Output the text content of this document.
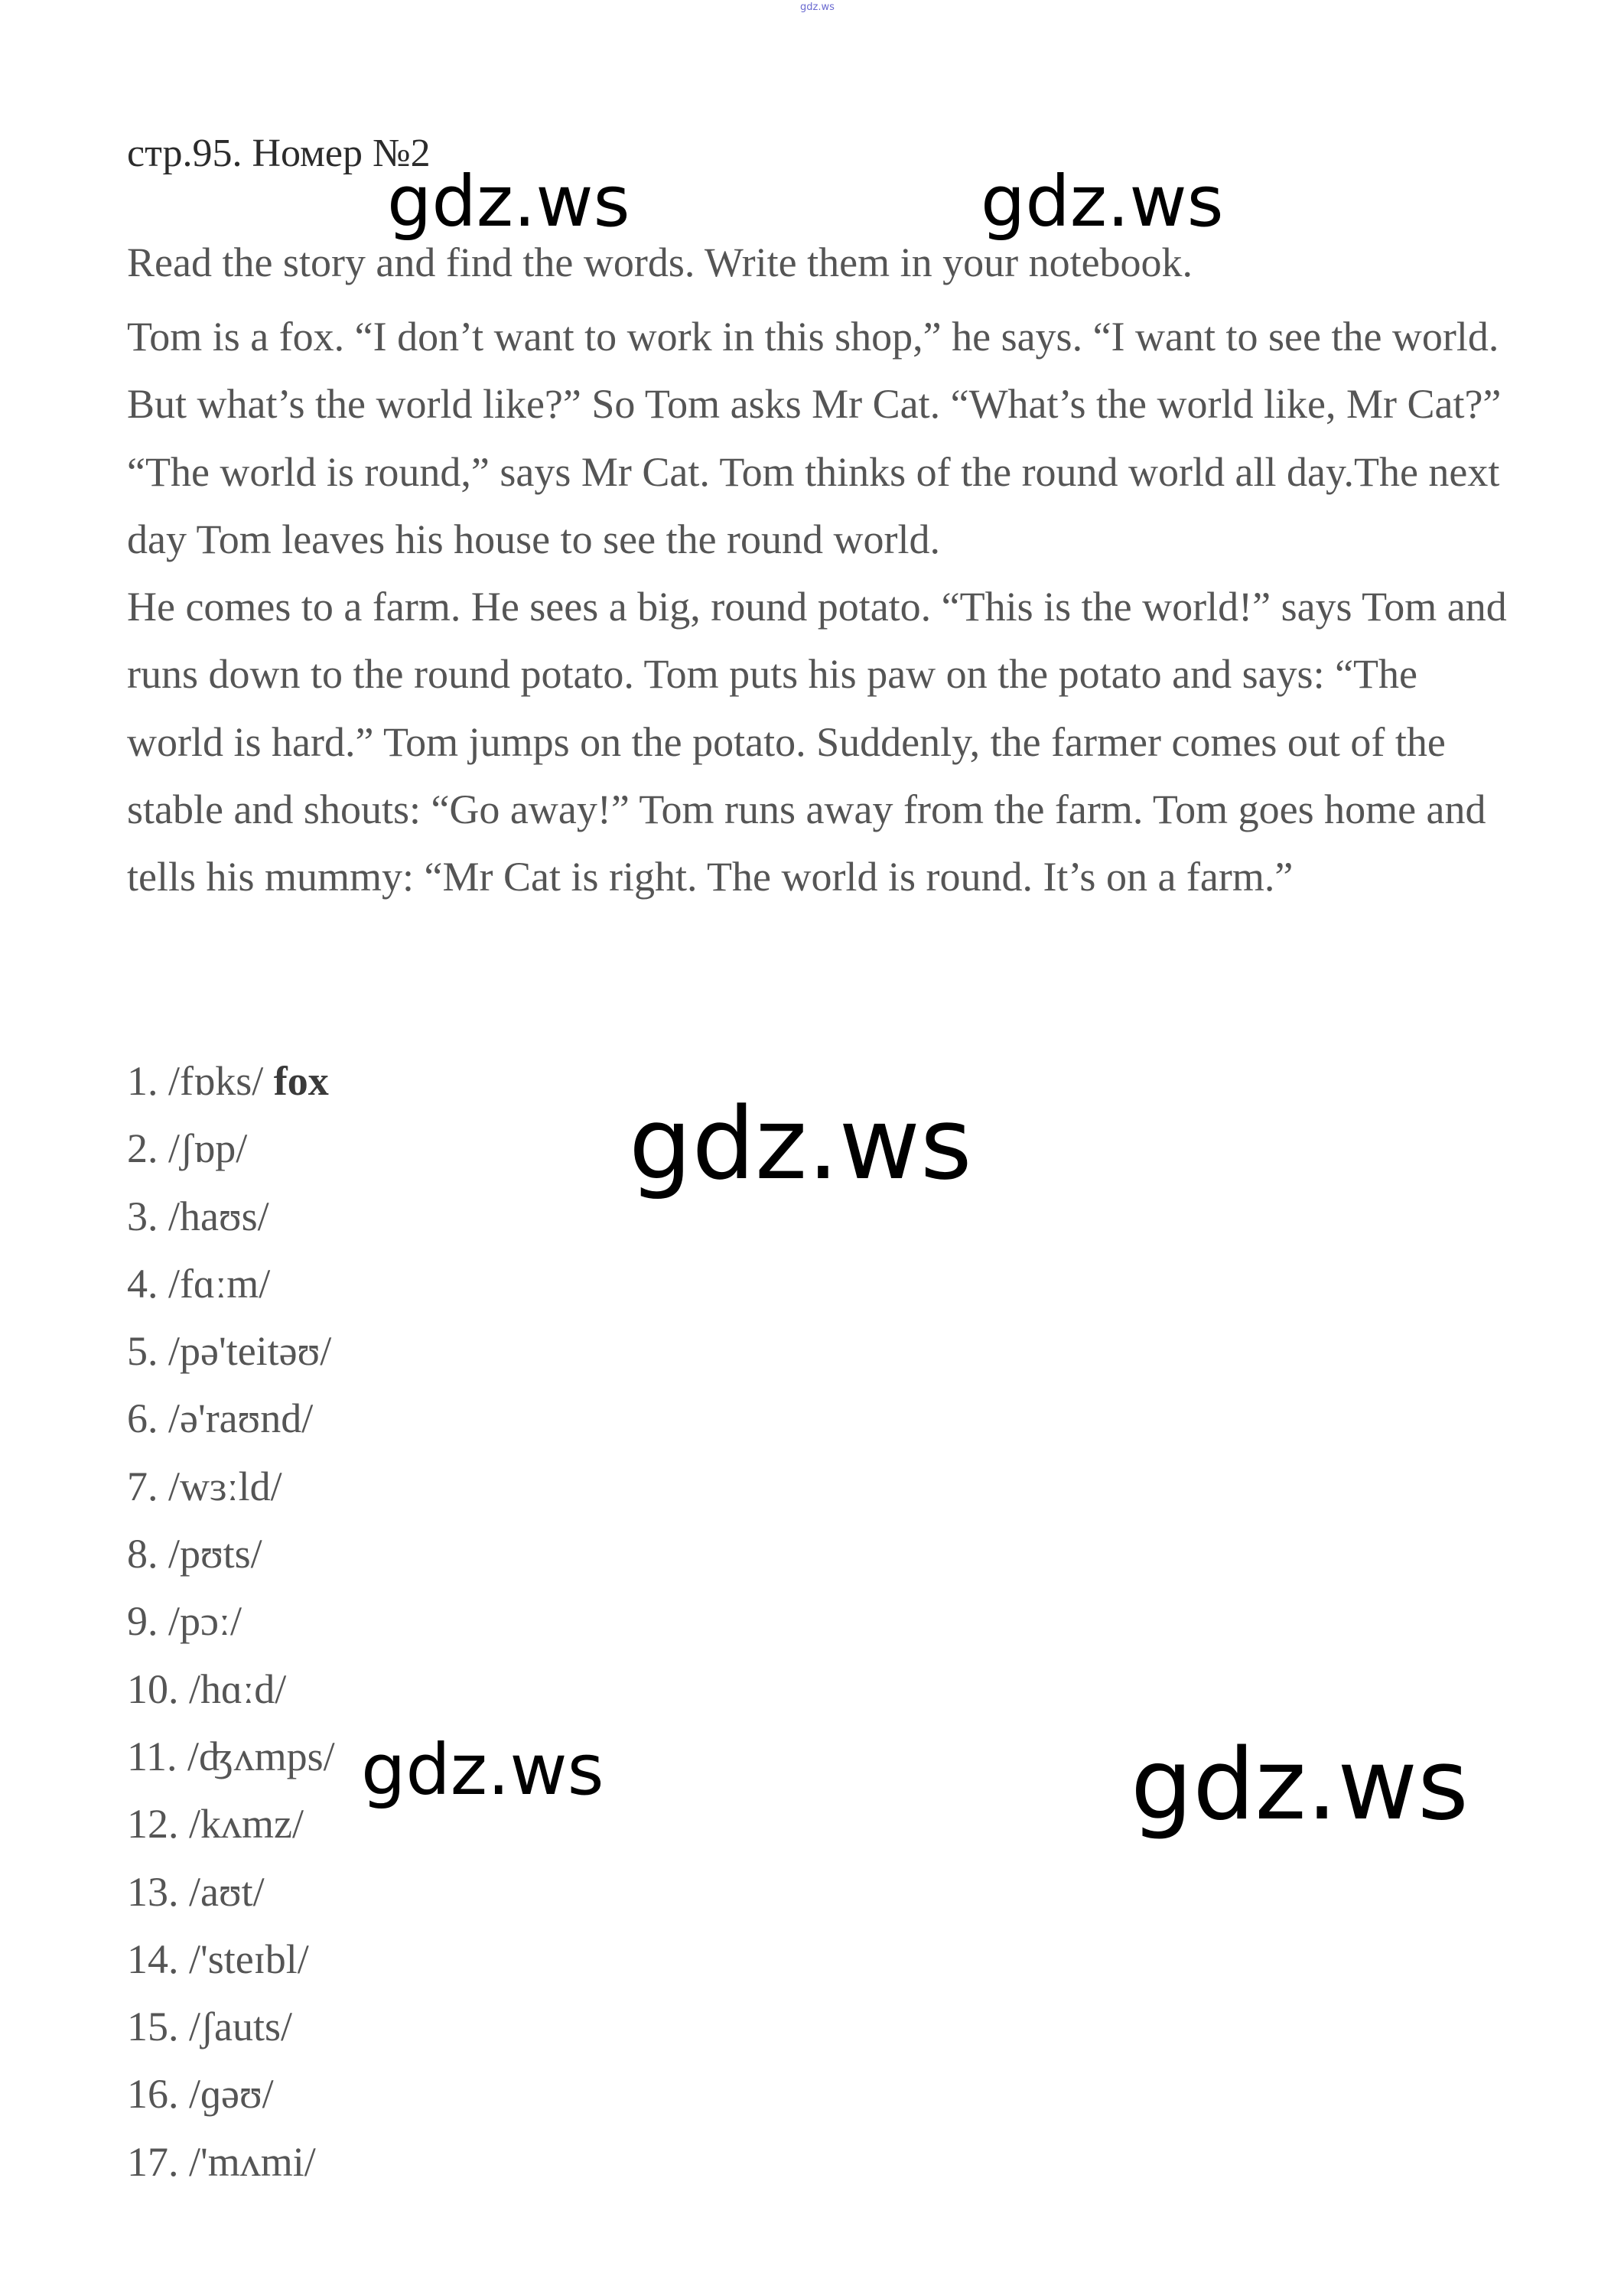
gdz.ws
стр.95. Номер №2
Read the story and find the words. Write them in your notebook.

Tom is a fox. “I don’t want to work in this shop,” he says. “I want to see the world. But what’s the world like?” So Tom asks Mr Cat. “What’s the world like, Mr Cat?” “The world is round,” says Mr Cat. Tom thinks of the round world all day.The next day Tom leaves his house to see the round world.

He comes to a farm. He sees a big, round potato. “This is the world!” says Tom and runs down to the round potato. Tom puts his paw on the potato and says: “The world is hard.” Tom jumps on the potato. Suddenly, the farmer comes out of the stable and shouts: “Go away!” Tom runs away from the farm. Tom goes home and tells his mummy: “Mr Cat is right. The world is round. It’s on a farm.”

1. /fɒks/ fox
2. /ʃɒp/
3. /haʊs/
4. /fɑːm/
5. /pə'teitəʊ/
6. /ə'raʊnd/
7. /wɜːld/
8. /pʊts/
9. /pɔː/
10. /hɑːd/
11. /ʤʌmps/
12. /kʌmz/
13. /aʊt/
14. /'steɪbl/
15. /ʃauts/
16. /ɡəʊ/
17. /'mʌmi/
gdz.ws	gdz.ws
gdz.ws
gdz.ws	gdz.ws
